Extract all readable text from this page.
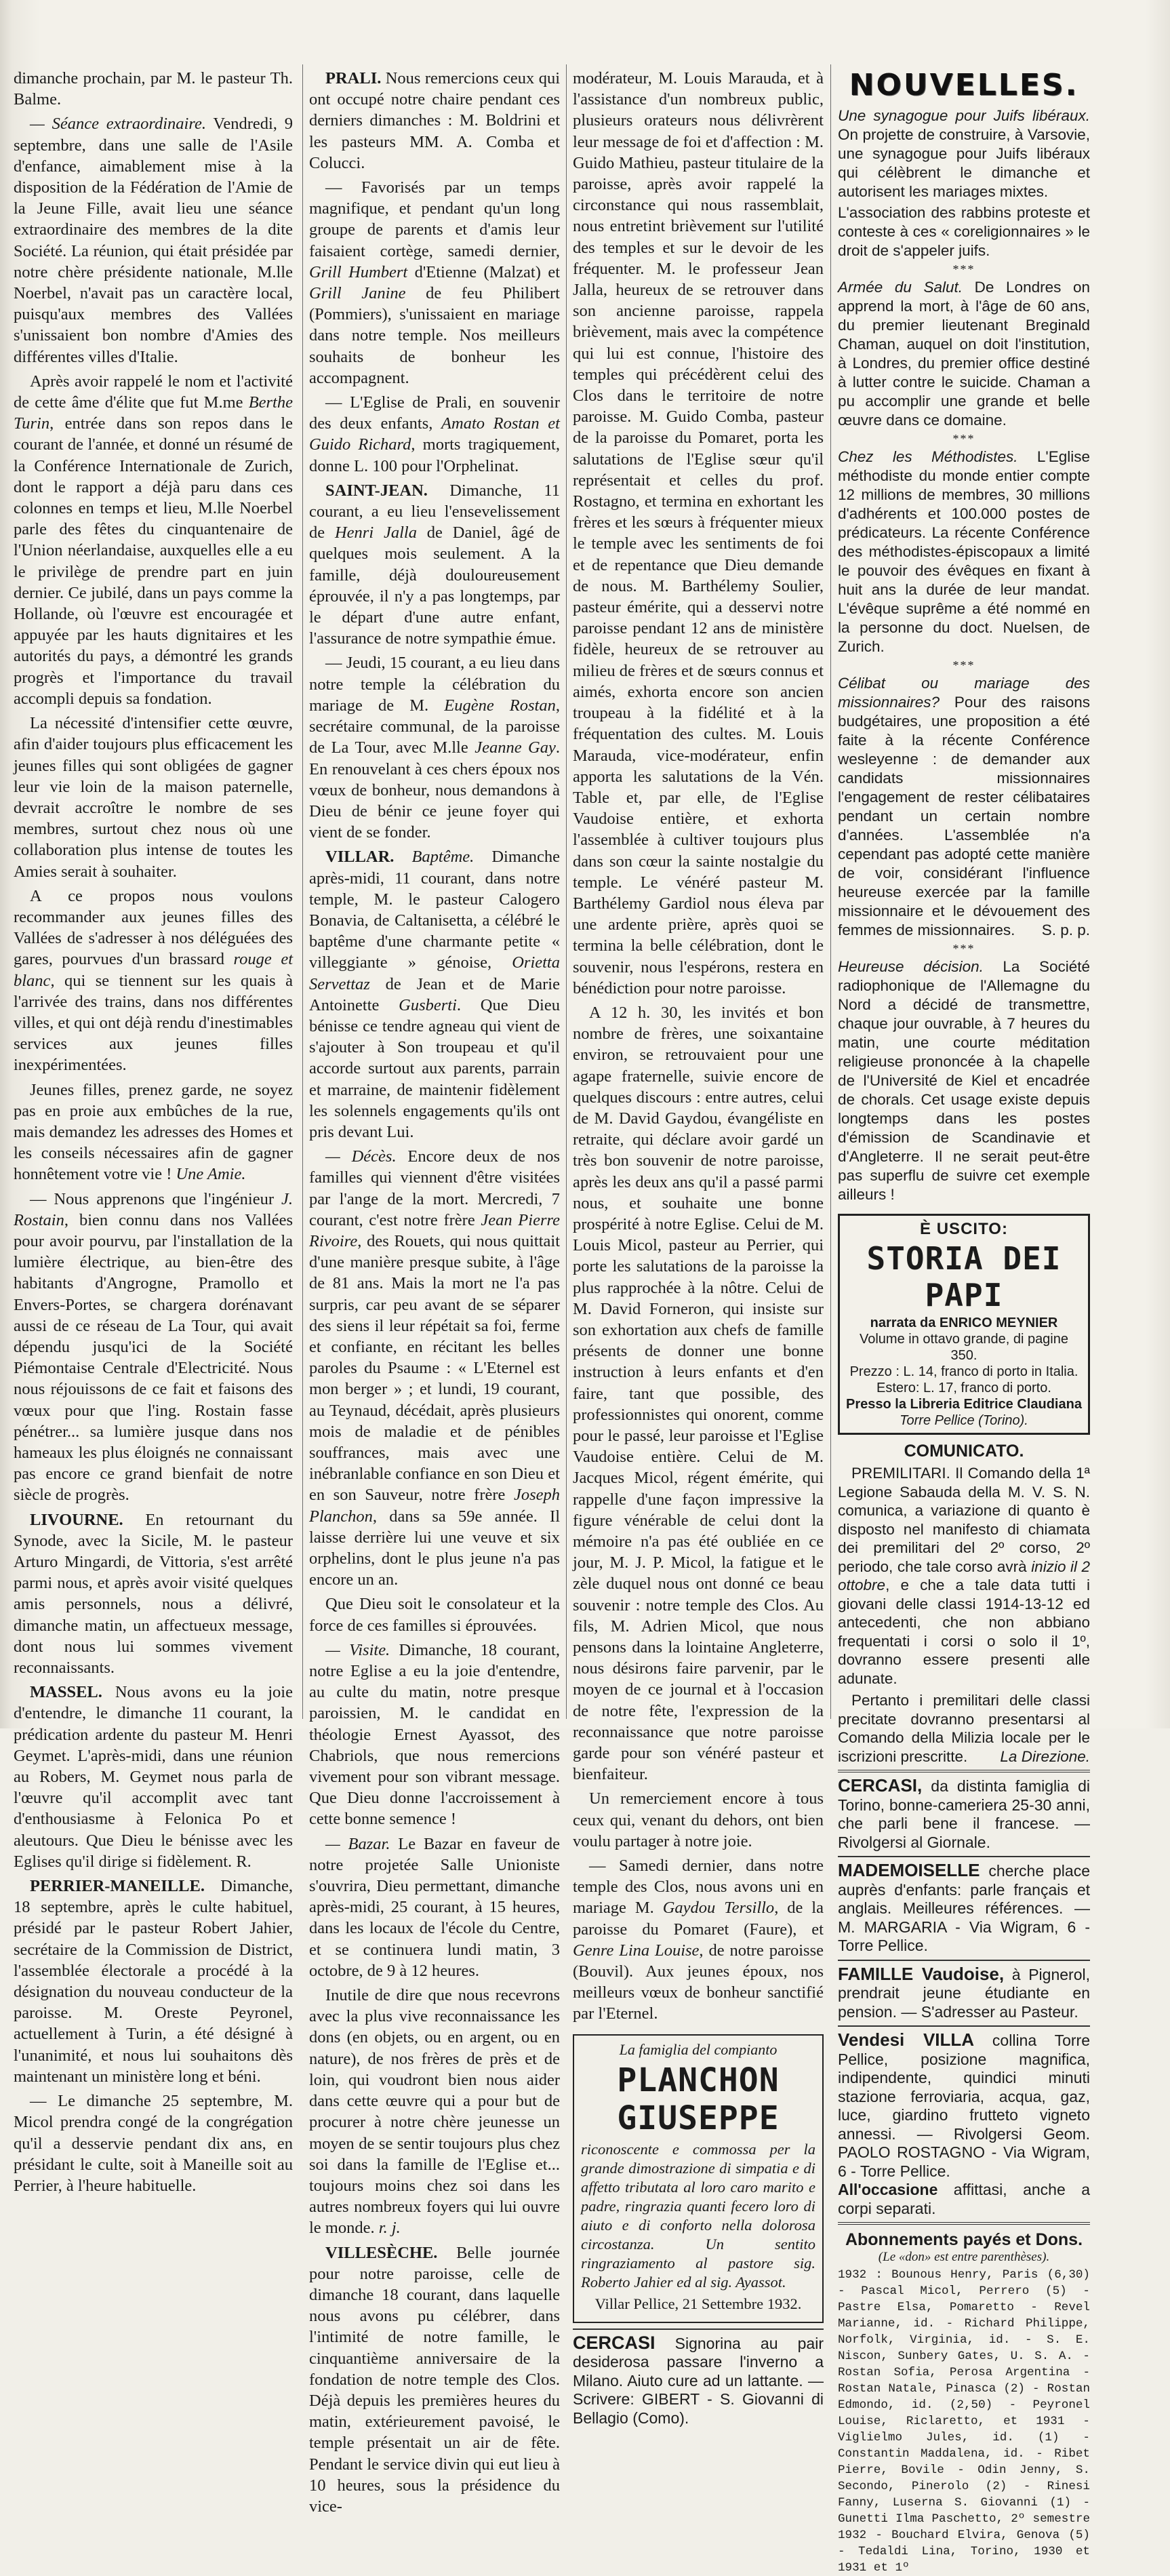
dimanche prochain, par M. le pasteur Th. Balme.

— Séance extraordinaire. Vendredi, 9 septembre, dans une salle de l'Asile d'enfance, aimablement mise à la disposition de la Fédération de l'Amie de la Jeune Fille, avait lieu une séance extraordinaire des membres de la dite Société. La réunion, qui était présidée par notre chère présidente nationale, M.lle Noerbel, n'avait pas un caractère local, puisqu'aux membres des Vallées s'unissaient bon nombre d'Amies des différentes villes d'Italie.

Après avoir rappelé le nom et l'activité de cette âme d'élite que fut M.me Berthe Turin, entrée dans son repos dans le courant de l'année, et donné un résumé de la Conférence Internationale de Zurich, dont le rapport a déjà paru dans ces colonnes en temps et lieu, M.lle Noerbel parle des fêtes du cinquantenaire de l'Union néerlandaise, auxquelles elle a eu le privilège de prendre part en juin dernier. Ce jubilé, dans un pays comme la Hollande, où l'œuvre est encouragée et appuyée par les hauts dignitaires et les autorités du pays, a démontré les grands progrès et l'importance du travail accompli depuis sa fondation.

La nécessité d'intensifier cette œuvre, afin d'aider toujours plus efficacement les jeunes filles qui sont obligées de gagner leur vie loin de la maison paternelle, devrait accroître le nombre de ses membres, surtout chez nous où une collaboration plus intense de toutes les Amies serait à souhaiter.

A ce propos nous voulons recommander aux jeunes filles des Vallées de s'adresser à nos déléguées des gares, pourvues d'un brassard rouge et blanc, qui se tiennent sur les quais à l'arrivée des trains, dans nos différentes villes, et qui ont déjà rendu d'inestimables services aux jeunes filles inexpérimentées.

Jeunes filles, prenez garde, ne soyez pas en proie aux embûches de la rue, mais demandez les adresses des Homes et les conseils nécessaires afin de gagner honnêtement votre vie ! Une Amie.

— Nous apprenons que l'ingénieur J. Rostain, bien connu dans nos Vallées pour avoir pourvu, par l'installation de la lumière électrique, au bien-être des habitants d'Angrogne, Pramollo et Envers-Portes, se chargera dorénavant aussi de ce réseau de La Tour, qui avait dépendu jusqu'ici de la Société Piémontaise Centrale d'Electricité. Nous nous réjouissons de ce fait et faisons des vœux pour que l'ing. Rostain fasse pénétrer... sa lumière jusque dans nos hameaux les plus éloignés ne connaissant pas encore ce grand bienfait de notre siècle de progrès.

LIVOURNE. En retournant du Synode, avec la Sicile, M. le pasteur Arturo Mingardi, de Vittoria, s'est arrêté parmi nous, et après avoir visité quelques amis personnels, nous a délivré, dimanche matin, un affectueux message, dont nous lui sommes vivement reconnaissants.

MASSEL. Nous avons eu la joie d'entendre, le dimanche 11 courant, la prédication ardente du pasteur M. Henri Geymet. L'après-midi, dans une réunion au Robers, M. Geymet nous parla de l'œuvre qu'il accomplit avec tant d'enthousiasme à Felonica Po et aleutours. Que Dieu le bénisse avec les Eglises qu'il dirige si fidèlement. R.

PERRIER-MANEILLE. Dimanche, 18 septembre, après le culte habituel, présidé par le pasteur Robert Jahier, secrétaire de la Commission de District, l'assemblée électorale a procédé à la désignation du nouveau conducteur de la paroisse. M. Oreste Peyronel, actuellement à Turin, a été désigné à l'unanimité, et nous lui souhaitons dès maintenant un ministère long et béni.

— Le dimanche 25 septembre, M. Micol prendra congé de la congrégation qu'il a desservie pendant dix ans, en présidant le culte, soit à Maneille soit au Perrier, à l'heure habituelle.

PRALI. Nous remercions ceux qui ont occupé notre chaire pendant ces derniers dimanches : M. Boldrini et les pasteurs MM. A. Comba et Colucci.

— Favorisés par un temps magnifique, et pendant qu'un long groupe de parents et d'amis leur faisaient cortège, samedi dernier, Grill Humbert d'Etienne (Malzat) et Grill Janine de feu Philibert (Pommiers), s'unissaient en mariage dans notre temple. Nos meilleurs souhaits de bonheur les accompagnent.

— L'Eglise de Prali, en souvenir des deux enfants, Amato Rostan et Guido Richard, morts tragiquement, donne L. 100 pour l'Orphelinat.

SAINT-JEAN. Dimanche, 11 courant, a eu lieu l'ensevelissement de Henri Jalla de Daniel, âgé de quelques mois seulement. A la famille, déjà douloureusement éprouvée, il n'y a pas longtemps, par le départ d'une autre enfant, l'assurance de notre sympathie émue.

— Jeudi, 15 courant, a eu lieu dans notre temple la célébration du mariage de M. Eugène Rostan, secrétaire communal, de la paroisse de La Tour, avec M.lle Jeanne Gay. En renouvelant à ces chers époux nos vœux de bonheur, nous demandons à Dieu de bénir ce jeune foyer qui vient de se fonder.

VILLAR. Baptême. Dimanche après-midi, 11 courant, dans notre temple, M. le pasteur Calogero Bonavia, de Caltanisetta, a célébré le baptême d'une charmante petite « villeggiante » génoise, Orietta Servettaz de Jean et de Marie Antoinette Gusberti. Que Dieu bénisse ce tendre agneau qui vient de s'ajouter à Son troupeau et qu'il accorde surtout aux parents, parrain et marraine, de maintenir fidèlement les solennels engagements qu'ils ont pris devant Lui.

— Décès. Encore deux de nos familles qui viennent d'être visitées par l'ange de la mort. Mercredi, 7 courant, c'est notre frère Jean Pierre Rivoire, des Rouets, qui nous quittait d'une manière presque subite, à l'âge de 81 ans. Mais la mort ne l'a pas surpris, car peu avant de se séparer des siens il leur répétait sa foi, ferme et confiante, en récitant les belles paroles du Psaume : « L'Eternel est mon berger » ; et lundi, 19 courant, au Teynaud, décédait, après plusieurs mois de maladie et de pénibles souffrances, mais avec une inébranlable confiance en son Dieu et en son Sauveur, notre frère Joseph Planchon, dans sa 59e année. Il laisse derrière lui une veuve et six orphelins, dont le plus jeune n'a pas encore un an.

Que Dieu soit le consolateur et la force de ces familles si éprouvées.

— Visite. Dimanche, 18 courant, notre Eglise a eu la joie d'entendre, au culte du matin, notre presque paroissien, M. le candidat en théologie Ernest Ayassot, des Chabriols, que nous remercions vivement pour son vibrant message. Que Dieu donne l'accroissement à cette bonne semence !

— Bazar. Le Bazar en faveur de notre projetée Salle Unioniste s'ouvrira, Dieu permettant, dimanche après-midi, 25 courant, à 15 heures, dans les locaux de l'école du Centre, et se continuera lundi matin, 3 octobre, de 9 à 12 heures.

Inutile de dire que nous recevrons avec la plus vive reconnaissance les dons (en objets, ou en argent, ou en nature), de nos frères de près et de loin, qui voudront bien nous aider dans cette œuvre qui a pour but de procurer à notre chère jeunesse un moyen de se sentir toujours plus chez soi dans la famille de l'Eglise et... toujours moins chez soi dans les autres nombreux foyers qui lui ouvre le monde. r. j.

VILLESÈCHE. Belle journée pour notre paroisse, celle de dimanche 18 courant, dans laquelle nous avons pu célébrer, dans l'intimité de notre famille, le cinquantième anniversaire de la fondation de notre temple des Clos. Déjà depuis les premières heures du matin, extérieurement pavoisé, le temple présentait un air de fête. Pendant le service divin qui eut lieu à 10 heures, sous la présidence du vice-

modérateur, M. Louis Marauda, et à l'assistance d'un nombreux public, plusieurs orateurs nous délivrèrent leur message de foi et d'affection : M. Guido Mathieu, pasteur titulaire de la paroisse, après avoir rappelé la circonstance qui nous rassemblait, nous entretint brièvement sur l'utilité des temples et sur le devoir de les fréquenter. M. le professeur Jean Jalla, heureux de se retrouver dans son ancienne paroisse, rappela brièvement, mais avec la compétence qui lui est connue, l'histoire des temples qui précédèrent celui des Clos dans le territoire de notre paroisse. M. Guido Comba, pasteur de la paroisse du Pomaret, porta les salutations de l'Eglise sœur qu'il représentait et celles du prof. Rostagno, et termina en exhortant les frères et les sœurs à fréquenter mieux le temple avec les sentiments de foi et de repentance que Dieu demande de nous. M. Barthélemy Soulier, pasteur émérite, qui a desservi notre paroisse pendant 12 ans de ministère fidèle, heureux de se retrouver au milieu de frères et de sœurs connus et aimés, exhorta encore son ancien troupeau à la fidélité et à la fréquentation des cultes. M. Louis Marauda, vice-modérateur, enfin apporta les salutations de la Vén. Table et, par elle, de l'Eglise Vaudoise entière, et exhorta l'assemblée à cultiver toujours plus dans son cœur la sainte nostalgie du temple. Le vénéré pasteur M. Barthélemy Gardiol nous éleva par une ardente prière, après quoi se termina la belle célébration, dont le souvenir, nous l'espérons, restera en bénédiction pour notre paroisse.

A 12 h. 30, les invités et bon nombre de frères, une soixantaine environ, se retrouvaient pour une agape fraternelle, suivie encore de quelques discours : entre autres, celui de M. David Gaydou, évangéliste en retraite, qui déclare avoir gardé un très bon souvenir de notre paroisse, après les deux ans qu'il a passé parmi nous, et souhaite une bonne prospérité à notre Eglise. Celui de M. Louis Micol, pasteur au Perrier, qui porte les salutations de la paroisse la plus rapprochée à la nôtre. Celui de M. David Forneron, qui insiste sur son exhortation aux chefs de famille présents de donner une bonne instruction à leurs enfants et d'en faire, tant que possible, des professionnistes qui onorent, comme pour le passé, leur paroisse et l'Eglise Vaudoise entière. Celui de M. Jacques Micol, régent émérite, qui rappelle d'une façon impressive la figure vénérable de celui dont la mémoire n'a pas été oubliée en ce jour, M. J. P. Micol, la fatigue et le zèle duquel nous ont donné ce beau souvenir : notre temple des Clos. Au fils, M. Adrien Micol, que nous pensons dans la lointaine Angleterre, nous désirons faire parvenir, par le moyen de ce journal et à l'occasion de notre fête, l'expression de la reconnaissance que notre paroisse garde pour son vénéré pasteur et bienfaiteur.

Un remerciement encore à tous ceux qui, venant du dehors, ont bien voulu partager à notre joie.

— Samedi dernier, dans notre temple des Clos, nous avons uni en mariage M. Gaydou Tersillo, de la paroisse du Pomaret (Faure), et Genre Lina Louise, de notre paroisse (Bouvil). Aux jeunes époux, nos meilleurs vœux de bonheur sanctifié par l'Eternel.

La famiglia del compianto
PLANCHON GIUSEPPE

riconoscente e commossa per la grande dimostrazione di simpatia e di affetto tributata al loro caro marito e padre, ringrazia quanti fecero loro di aiuto e di conforto nella dolorosa circostanza. Un sentito ringraziamento al pastore sig. Roberto Jahier ed al sig. Ayassot.

Villar Pellice, 21 Settembre 1932.

CERCASI Signorina au pair desiderosa passare l'inverno a Milano. Aiuto cure ad un lattante. — Scrivere: GIBERT - S. Giovanni di Bellagio (Como).

NOUVELLES.

Une synagogue pour Juifs libéraux. On projette de construire, à Varsovie, une synagogue pour Juifs libéraux qui célèbrent le dimanche et autorisent les mariages mixtes.

L'association des rabbins proteste et conteste à ces « coreligionnaires » le droit de s'appeler juifs.

***

Armée du Salut. De Londres on apprend la mort, à l'âge de 60 ans, du premier lieutenant Breginald Chaman, auquel on doit l'institution, à Londres, du premier office destiné à lutter contre le suicide. Chaman a pu accomplir une grande et belle œuvre dans ce domaine.

***

Chez les Méthodistes. L'Eglise méthodiste du monde entier compte 12 millions de membres, 30 millions d'adhérents et 100.000 postes de prédicateurs. La récente Conférence des méthodistes-épiscopaux a limité le pouvoir des évêques en fixant à huit ans la durée de leur mandat. L'évêque suprême a été nommé en la personne du doct. Nuelsen, de Zurich.

***

Célibat ou mariage des missionnaires? Pour des raisons budgétaires, une proposition a été faite à la récente Conférence wesleyenne : de demander aux candidats missionnaires l'engagement de rester célibataires pendant un certain nombre d'années. L'assemblée n'a cependant pas adopté cette manière de voir, considérant l'influence heureuse exercée par la famille missionnaire et le dévouement des femmes de missionnaires. S. p. p.

***

Heureuse décision. La Société radiophonique de l'Allemagne du Nord a décidé de transmettre, chaque jour ouvrable, à 7 heures du matin, une courte méditation religieuse prononcée à la chapelle de l'Université de Kiel et encadrée de chorals. Cet usage existe depuis longtemps dans les postes d'émission de Scandinavie et d'Angleterre. Il ne serait peut-être pas superflu de suivre cet exemple ailleurs !

È USCITO:
STORIA DEI PAPI
narrata da ENRICO MEYNIER
Volume in ottavo grande, di pagine 350.
Prezzo : L. 14, franco di porto in Italia.
Estero: L. 17, franco di porto.
Presso la Libreria Editrice Claudiana
Torre Pellice (Torino).
COMUNICATO.

PREMILITARI. Il Comando della 1ª Legione Sabauda della M. V. S. N. comunica, a variazione di quanto è disposto nel manifesto di chiamata dei premilitari del 2º corso, 2º periodo, che tale corso avrà inizio il 2 ottobre, e che a tale data tutti i giovani delle classi 1914-13-12 ed antecedenti, che non abbiano frequentati i corsi o solo il 1º, dovranno essere presenti alle adunate.

Pertanto i premilitari delle classi precitate dovranno presentarsi al Comando della Milizia locale per le iscrizioni prescritte.	La Direzione.

CERCASI, da distinta famiglia di Torino, bonne-cameriera 25-30 anni, che parli bene il francese. — Rivolgersi al Giornale.

MADEMOISELLE cherche place auprès d'enfants: parle français et anglais. Meilleures références. — M. MARGARIA - Via Wigram, 6 - Torre Pellice.

FAMILLE Vaudoise, à Pignerol, prendrait jeune étudiante en pension. — S'adresser au Pasteur.

Vendesi VILLA collina Torre Pellice, posizione magnifica, indipendente, quindici minuti stazione ferroviaria, acqua, gaz, luce, giardino frutteto vigneto annessi. — Rivolgersi Geom. PAOLO ROSTAGNO - Via Wigram, 6 - Torre Pellice.

All'occasione affittasi, anche a corpi separati.

Abonnements payés et Dons.
(Le «don» est entre parenthèses).

1932 : Bounous Henry, Paris (6,30) - Pascal Micol, Perrero (5) - Pastre Elsa, Pomaretto - Revel Marianne, id. - Richard Philippe, Norfolk, Virginia, id. - S. E. Niscon, Sunbery Gates, U. S. A. - Rostan Sofia, Perosa Argentina - Rostan Natale, Pinasca (2) - Rostan Edmondo, id. (2,50) - Peyronel Louise, Riclaretto, et 1931 - Viglielmo Jules, id. (1) - Constantin Maddalena, id. - Ribet Pierre, Bovile - Odin Jenny, S. Secondo, Pinerolo (2) - Rinesi Fanny, Luserna S. Giovanni (1) - Gunetti Ilma Paschetto, 2º semestre 1932 - Bouchard Elvira, Genova (5) - Tedaldi Lina, Torino, 1930 et 1931 et 1º
